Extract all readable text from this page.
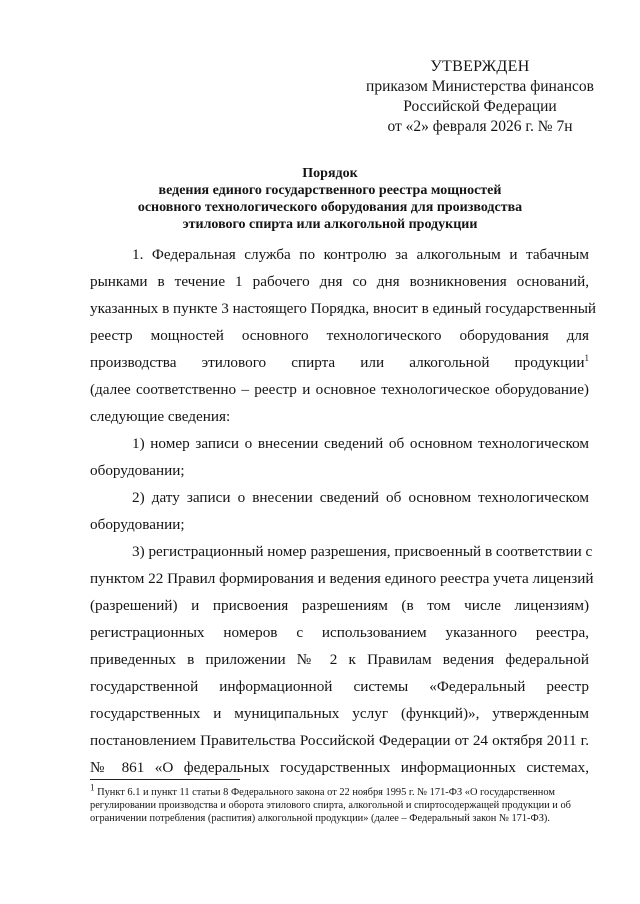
УТВЕРЖДЕН
приказом Министерства финансов
Российской Федерации
от «2» февраля 2026 г. № 7н
Порядок
ведения единого государственного реестра мощностей
основного технологического оборудования для производства
этилового спирта или алкогольной продукции
1. Федеральная служба по контролю за алкогольным и табачным
рынками в течение 1 рабочего дня со дня возникновения оснований,
указанных в пункте 3 настоящего Порядка, вносит в единый государственный
реестр мощностей основного технологического оборудования для
производства этилового спирта или алкогольной продукции$^1$
(далее соответственно – реестр и основное технологическое оборудование)
следующие сведения:
1) номер записи о внесении сведений об основном технологическом
оборудовании;
2) дату записи о внесении сведений об основном технологическом
оборудовании;
3) регистрационный номер разрешения, присвоенный в соответствии с
пунктом 22 Правил формирования и ведения единого реестра учета лицензий
(разрешений) и присвоения разрешениям (в том числе лицензиям)
регистрационных номеров с использованием указанного реестра,
приведенных в приложении № 2 к Правилам ведения федеральной
государственной информационной системы «Федеральный реестр
государственных и муниципальных услуг (функций)», утвержденным
постановлением Правительства Российской Федерации от 24 октября 2011 г.
№ 861 «О федеральных государственных информационных системах,
$^1$ Пункт 6.1 и пункт 11 статьи 8 Федерального закона от 22 ноября 1995 г. № 171-ФЗ «О государственном
регулировании производства и оборота этилового спирта, алкогольной и спиртосодержащей продукции и об
ограничении потребления (распития) алкогольной продукции» (далее – Федеральный закон № 171-ФЗ).
